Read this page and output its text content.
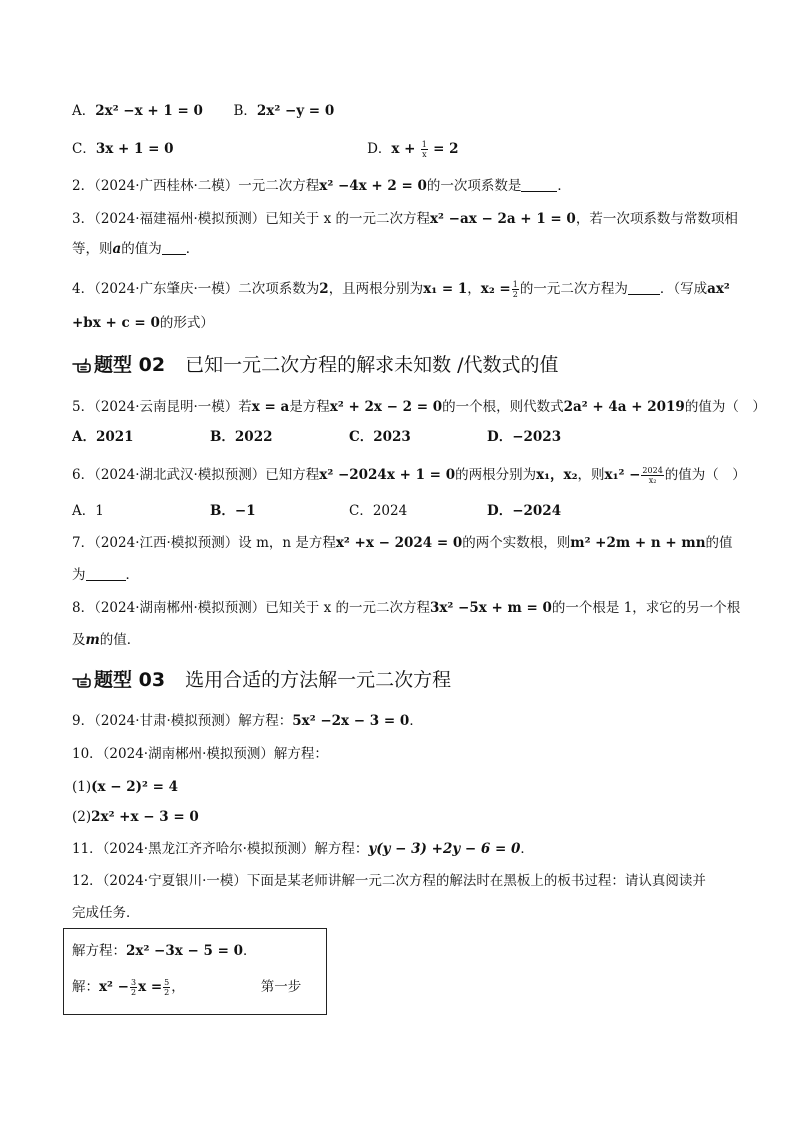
A．2x² −x + 1 = 0 B．2x² −y = 0
C．3x + 1 = 0	D．$x + \frac{1}{x} = 2$
2．（2024·广西桂林·二模）一元二次方程x² −4x + 2 = 0的一次项系数是	．
3．（2024·福建福州·模拟预测）已知关于 x 的一元二次方程x² −ax − 2a + 1 = 0，若一次项系数与常数项相
等，则a的值为 ．
4．（2024·广东肇庆·一模）二次项系数为2，且两根分别为x₁ = 1，$x_2 = \frac{1}{2}$ 的一元二次方程为 ．（写成ax²
+bx + c = 0的形式）
题型 02 已知一元二次方程的解求未知数 /代数式的值
5．（2024·云南昆明·一模）若x = a是方程x² + 2x − 2 = 0的一个根，则代数式2a² + 4a + 2019的值为（　）
A．2021	B．2022	C．2023	D．−2023
6．（2024·湖北武汉·模拟预测）已知方程x² −2024x + 1 = 0的两根分别为x₁，x₂，则$x_1^2 - \frac{2024}{\text{x₂}}$ 的值为（　）
A．1	B．−1	C．2024	D．−2024
7．（2024·江西·模拟预测）设 m，n 是方程x² +x − 2024 = 0的两个实数根，则m² +2m + n + mn的值
为	．
8．（2024·湖南郴州·模拟预测）已知关于 x 的一元二次方程3x² −5x + m = 0的一个根是 1，求它的另一个根
及m的值．
题型 03 选用合适的方法解一元二次方程
9．（2024·甘肃·模拟预测）解方程：5x² −2x − 3 = 0．
10．（2024·湖南郴州·模拟预测）解方程：
(1)(x − 2)² = 4
(2)2x² +x − 3 = 0
11．（2024·黑龙江齐齐哈尔·模拟预测）解方程：y(y − 3) +2y − 6 = 0．
12．（2024·宁夏银川·一模）下面是某老师讲解一元二次方程的解法时在黑板上的板书过程：请认真阅读并
完成任务．
解方程：2x² −3x − 5 = 0．
解：$x^2 - \frac{3}{2}$ $x = \frac{5}{2}$ ，	第一步
